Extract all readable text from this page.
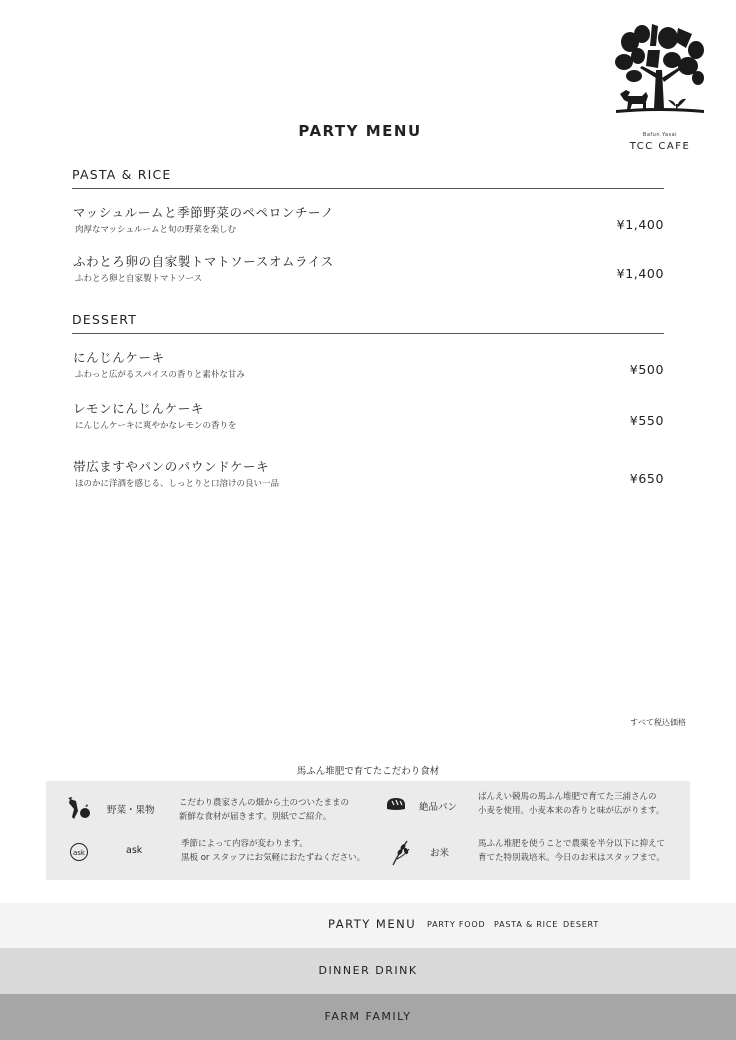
Bafun Yasai
TCC CAFE
PARTY MENU
PASTA & RICE
マッシュルームと季節野菜のペペロンチーノ
肉厚なマッシュルームと旬の野菜を楽しむ	¥1,400
ふわとろ卵の自家製トマトソースオムライス
ふわとろ卵と自家製トマトソース	¥1,400
DESSERT
にんじんケーキ
ふわっと広がるスパイスの香りと素朴な甘み	¥500
レモンにんじんケーキ
にんじんケーキに爽やかなレモンの香りを	¥550
帯広ますやパンのパウンドケーキ
ほのかに洋酒を感じる、しっとりと口溶けの良い一品	¥650
すべて税込価格
馬ふん堆肥で育てたこだわり食材
野菜・果物
こだわり農家さんの畑から土のついたままの
新鮮な食材が届きます。別紙でご紹介。
絶品パン
ばんえい競馬の馬ふん堆肥で育てた三浦さんの
小麦を使用。小麦本来の香りと味が広がります。
ask	ask
季節によって内容が変わります。
黒板 or スタッフにお気軽におたずねください。	お米
馬ふん堆肥を使うことで農薬を半分以下に抑えて
育てた特別栽培米。今日のお米はスタッフまで。
PARTY MENU PARTY FOOD PASTA & RICE DESERT
DINNER DRINK
FARM FAMILY
